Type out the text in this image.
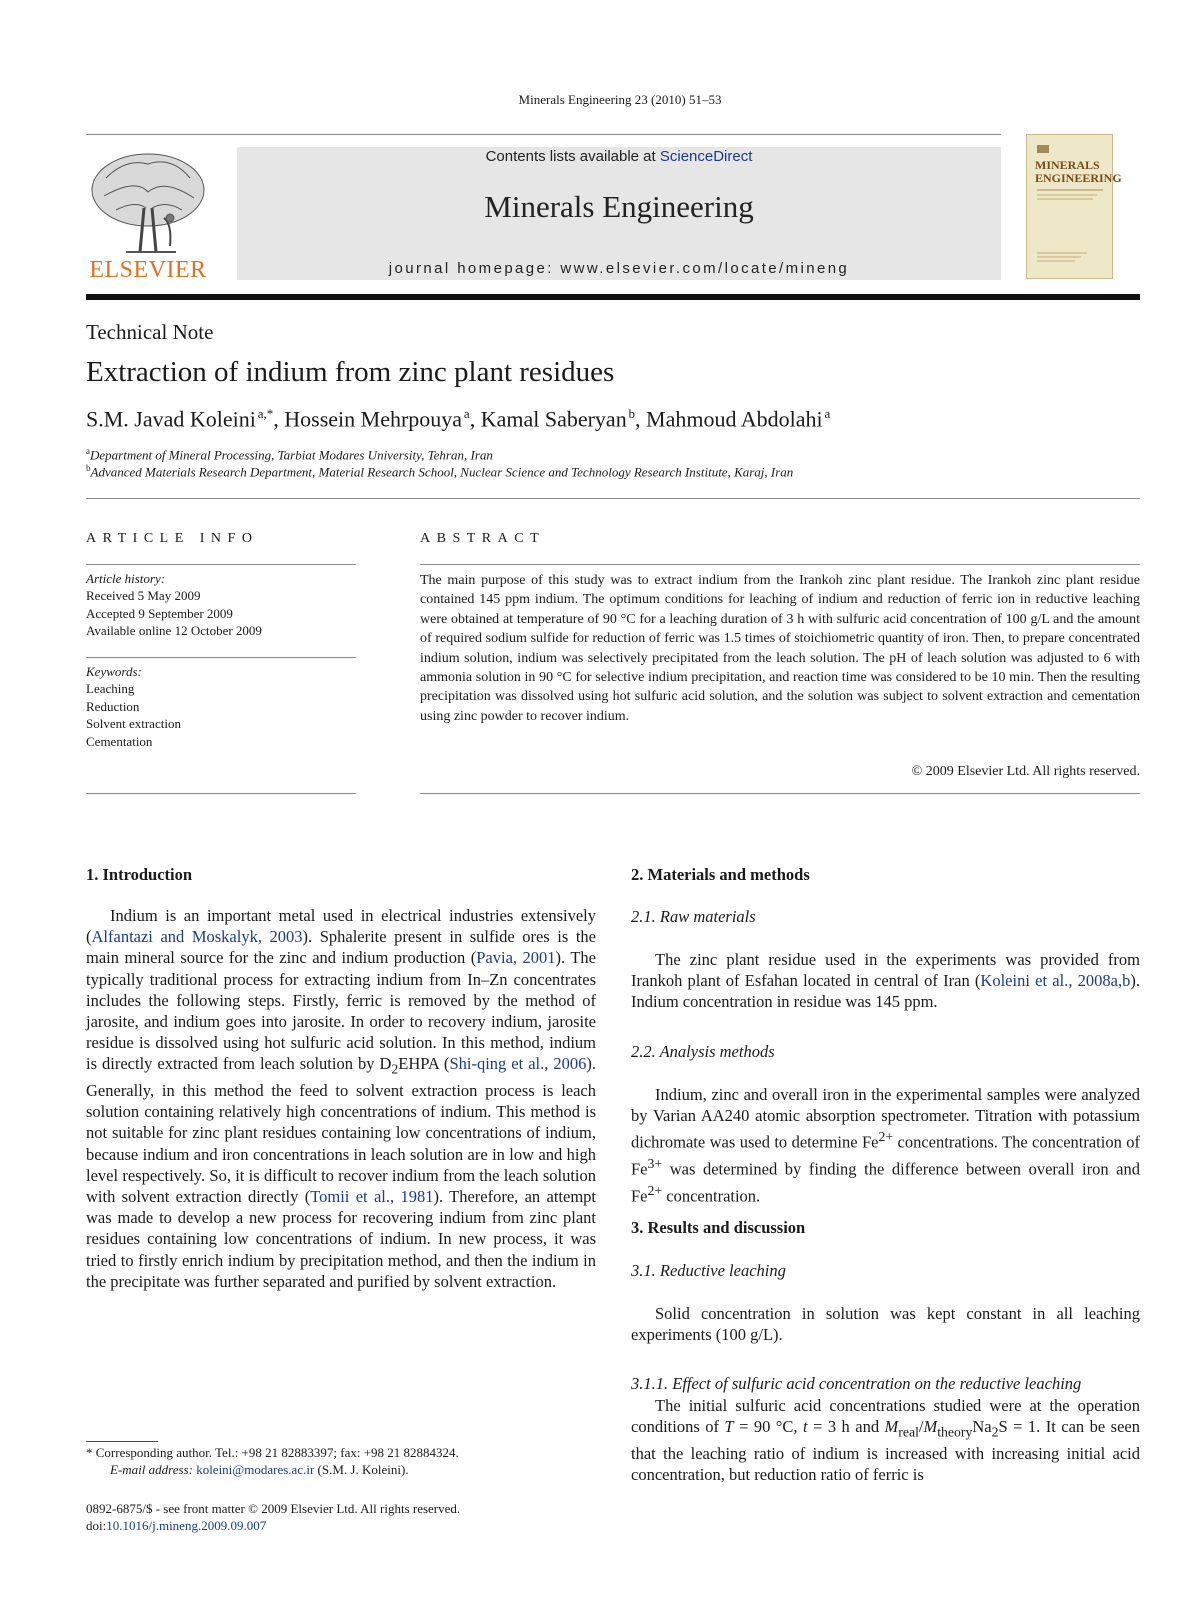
Minerals Engineering 23 (2010) 51–53
ELSEVIER
Contents lists available at ScienceDirect
Minerals Engineering
journal homepage: www.elsevier.com/locate/mineng
MINERALS ENGINEERING
Technical Note
Extraction of indium from zinc plant residues
S.M. Javad Koleini  $^{a,*}$, Hossein Mehrpouya  $^a$, Kamal Saberyan  $^b$, Mahmoud Abdolahi  $^a$
$^a$Department of Mineral Processing, Tarbiat Modares University, Tehran, Iran
$^b$Advanced Materials Research Department, Material Research School, Nuclear Science and Technology Research Institute, Karaj, Iran
ARTICLE INFO	ABSTRACT
Article history:
Received 5 May 2009
Accepted 9 September 2009
Available online 12 October 2009
Keywords:
Leaching
Reduction
Solvent extraction
Cementation
The main purpose of this study was to extract indium from the Irankoh zinc plant residue. The Irankoh zinc plant residue contained 145 ppm indium. The optimum conditions for leaching of indium and reduction of ferric ion in reductive leaching were obtained at temperature of 90 °C for a leaching duration of 3 h with sulfuric acid concentration of 100 g/L and the amount of required sodium sulfide for reduction of ferric was 1.5 times of stoichiometric quantity of iron. Then, to prepare concentrated indium solution, indium was selectively precipitated from the leach solution. The pH of leach solution was adjusted to 6 with ammonia solution in 90 °C for selective indium precipitation, and reaction time was considered to be 10 min. Then the resulting precipitation was dissolved using hot sulfuric acid solution, and the solution was subject to solvent extraction and cementation using zinc powder to recover indium.
© 2009 Elsevier Ltd. All rights reserved.
1. Introduction

Indium is an important metal used in electrical industries extensively (Alfantazi and Moskalyk, 2003). Sphalerite present in sulfide ores is the main mineral source for the zinc and indium production (Pavia, 2001). The typically traditional process for extracting indium from In–Zn concentrates includes the following steps. Firstly, ferric is removed by the method of jarosite, and indium goes into jarosite. In order to recovery indium, jarosite residue is dissolved using hot sulfuric acid solution. In this method, indium is directly extracted from leach solution by $D_2EHPA$ (Shi-qing et al., 2006). Generally, in this method the feed to solvent extraction process is leach solution containing relatively high concentrations of indium. This method is not suitable for zinc plant residues containing low concentrations of indium, because indium and iron concentrations in leach solution are in low and high level respectively. So, it is difficult to recover indium from the leach solution with solvent extraction directly (Tomii et al., 1981). Therefore, an attempt was made to develop a new process for recovering indium from zinc plant residues containing low concentrations of indium. In new process, it was tried to firstly enrich indium by precipitation method, and then the indium in the precipitate was further separated and purified by solvent extraction.

2. Materials and methods
2.1. Raw materials

The zinc plant residue used in the experiments was provided from Irankoh plant of Esfahan located in central of Iran (Koleini et al., 2008a,b). Indium concentration in residue was 145 ppm.

2.2. Analysis methods

Indium, zinc and overall iron in the experimental samples were analyzed by Varian AA240 atomic absorption spectrometer. Titration with potassium dichromate was used to determine $Fe^{2+}$ concentrations. The concentration of $Fe^{3+}$ was determined by finding the difference between overall iron and $Fe^{2+}$ concentration.

3. Results and discussion
3.1. Reductive leaching

Solid concentration in solution was kept constant in all leaching experiments (100 g/L).

3.1.1. Effect of sulfuric acid concentration on the reductive leaching

The initial sulfuric acid concentrations studied were at the operation conditions of T = 90 °C, t = 3 h and $M_{real}/M_{theory}Na_2S = 1$. It can be seen that the leaching ratio of indium is increased with increasing initial acid concentration, but reduction ratio of ferric is

* Corresponding author. Tel.: +98 21 82883397; fax: +98 21 82884324.
E-mail address: koleini@modares.ac.ir (S.M. J. Koleini).
0892-6875/$ - see front matter © 2009 Elsevier Ltd. All rights reserved.
doi:10.1016/j.mineng.2009.09.007
